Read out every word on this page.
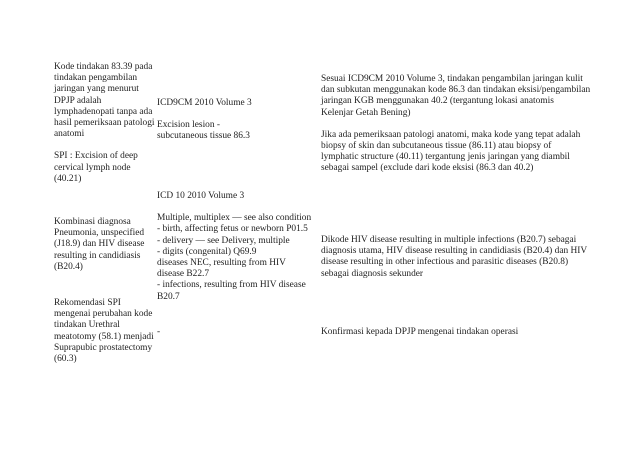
Kode tindakan 83.39 pada
tindakan pengambilan
jaringan yang menurut
DPJP adalah
lymphadenopati tanpa ada
hasil pemeriksaan patologi
anatomi
SPI : Excision of deep
cervical lymph node
(40.21)
ICD9CM 2010 Volume 3
Excision lesion -
subcutaneous tissue 86.3
Sesuai ICD9CM 2010 Volume 3, tindakan pengambilan jaringan kulit
dan subkutan menggunakan kode 86.3 dan tindakan eksisi/pengambilan
jaringan KGB menggunakan 40.2 (tergantung lokasi anatomis
Kelenjar Getah Bening)
Jika ada pemeriksaan patologi anatomi, maka kode yang tepat adalah
biopsy of skin dan subcutaneous tissue (86.11) atau biopsy of
lymphatic structure (40.11) tergantung jenis jaringan yang diambil
sebagai sampel (exclude dari kode eksisi (86.3 dan 40.2)
Kombinasi diagnosa
Pneumonia, unspecified
(J18.9) dan HIV disease
resulting in candidiasis
(B20.4)
ICD 10 2010 Volume 3
Multiple, multiplex — see also condition
- birth, affecting fetus or newborn P01.5
- delivery — see Delivery, multiple
- digits (congenital) Q69.9
diseases NEC, resulting from HIV
disease B22.7
- infections, resulting from HIV disease
B20.7
Dikode HIV disease resulting in multiple infections (B20.7) sebagai
diagnosis utama, HIV disease resulting in candidiasis (B20.4) dan HIV
disease resulting in other infectious and parasitic diseases (B20.8)
sebagai diagnosis sekunder
Rekomendasi SPI
mengenai perubahan kode
tindakan Urethral
meatotomy (58.1) menjadi
Suprapubic prostatectomy
(60.3)
-	Konfirmasi kepada DPJP mengenai tindakan operasi
